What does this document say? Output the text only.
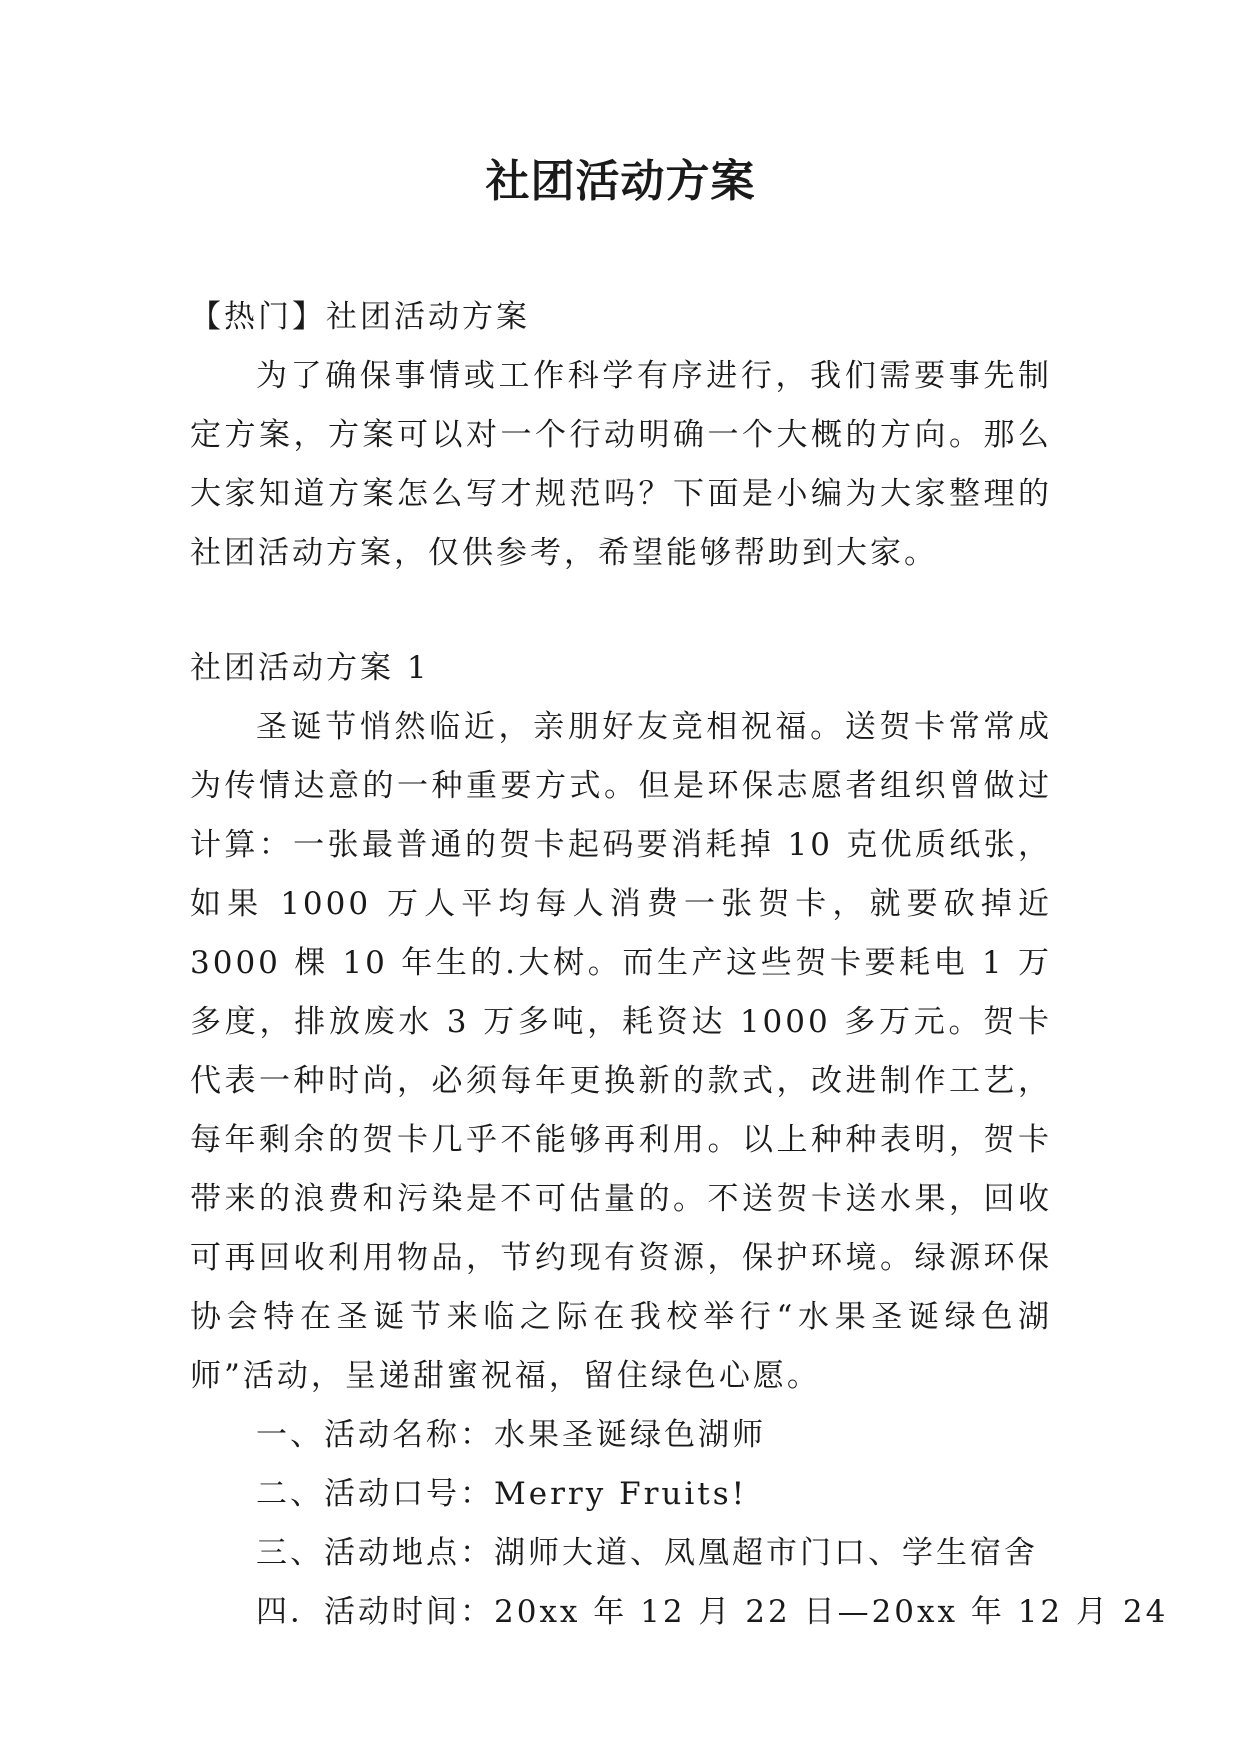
社团活动方案
【热门】社团活动方案
为了确保事情或工作科学有序进行，我们需要事先制定方案，方案可以对一个行动明确一个大概的方向。那么大家知道方案怎么写才规范吗？下面是小编为大家整理的社团活动方案，仅供参考，希望能够帮助到大家。
社团活动方案 1
圣诞节悄然临近，亲朋好友竞相祝福。送贺卡常常成为传情达意的一种重要方式。但是环保志愿者组织曾做过计算：一张最普通的贺卡起码要消耗掉 10 克优质纸张，如果 1000 万人平均每人消费一张贺卡，就要砍掉近 3000 棵 10 年生的.大树。而生产这些贺卡要耗电 1 万多度，排放废水 3 万多吨，耗资达 1000 多万元。贺卡代表一种时尚，必须每年更换新的款式，改进制作工艺，每年剩余的贺卡几乎不能够再利用。以上种种表明，贺卡带来的浪费和污染是不可估量的。不送贺卡送水果，回收可再回收利用物品，节约现有资源，保护环境。绿源环保协会特在圣诞节来临之际在我校举行“水果圣诞绿色湖师”活动，呈递甜蜜祝福，留住绿色心愿。
一、活动名称：水果圣诞绿色湖师
二、活动口号：Merry Fruits!
三、活动地点：湖师大道、凤凰超市门口、学生宿舍
四．活动时间：20xx 年 12 月 22 日—20xx 年 12 月 24
